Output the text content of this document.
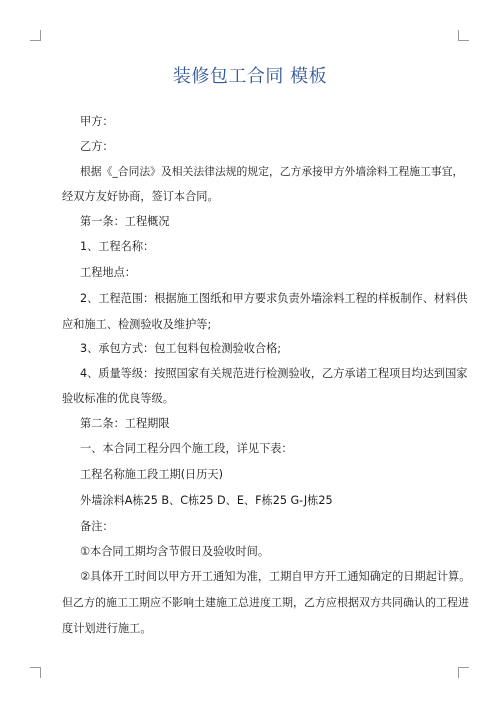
装修包工合同 模板
甲方：
乙方：
根据《_合同法》及相关法律法规的规定，乙方承接甲方外墙涂料工程施工事宜，
经双方友好协商，签订本合同。
第一条：工程概况
1、工程名称：
工程地点：
2、工程范围：根据施工图纸和甲方要求负责外墙涂料工程的样板制作、材料供
应和施工、检测验收及维护等;
3、承包方式：包工包料包检测验收合格;
4、质量等级：按照国家有关规范进行检测验收，乙方承诺工程项目均达到国家
验收标准的优良等级。
第二条：工程期限
一、本合同工程分四个施工段，详见下表：
工程名称施工段工期(日历天)
外墙涂料A栋25 B、C栋25 D、E、F栋25 G-J栋25
备注：
①本合同工期均含节假日及验收时间。
②具体开工时间以甲方开工通知为准，工期自甲方开工通知确定的日期起计算。
但乙方的施工工期应不影响土建施工总进度工期，乙方应根据双方共同确认的工程进
度计划进行施工。
